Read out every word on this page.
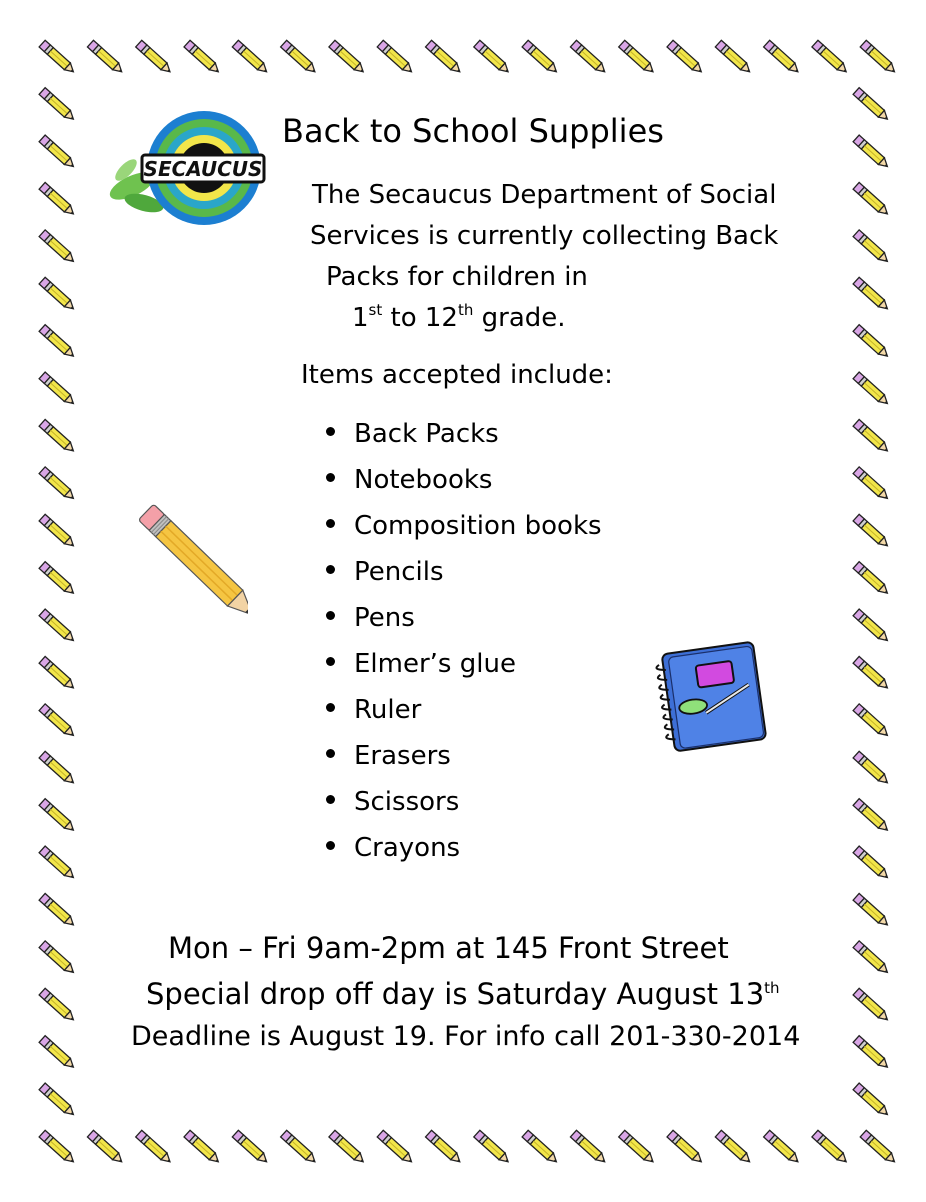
SECAUCUS
Back to School Supplies
The Secaucus Department of Social
Services is currently collecting Back
Packs for children in
1st to 12th grade.
Items accepted include:
Back Packs
Notebooks
Composition books
Pencils
Pens
Elmer’s glue
Ruler
Erasers
Scissors
Crayons
Mon – Fri 9am-2pm at 145 Front Street
Special drop off day is Saturday August 13th
Deadline is August 19. For info call 201-330-2014
